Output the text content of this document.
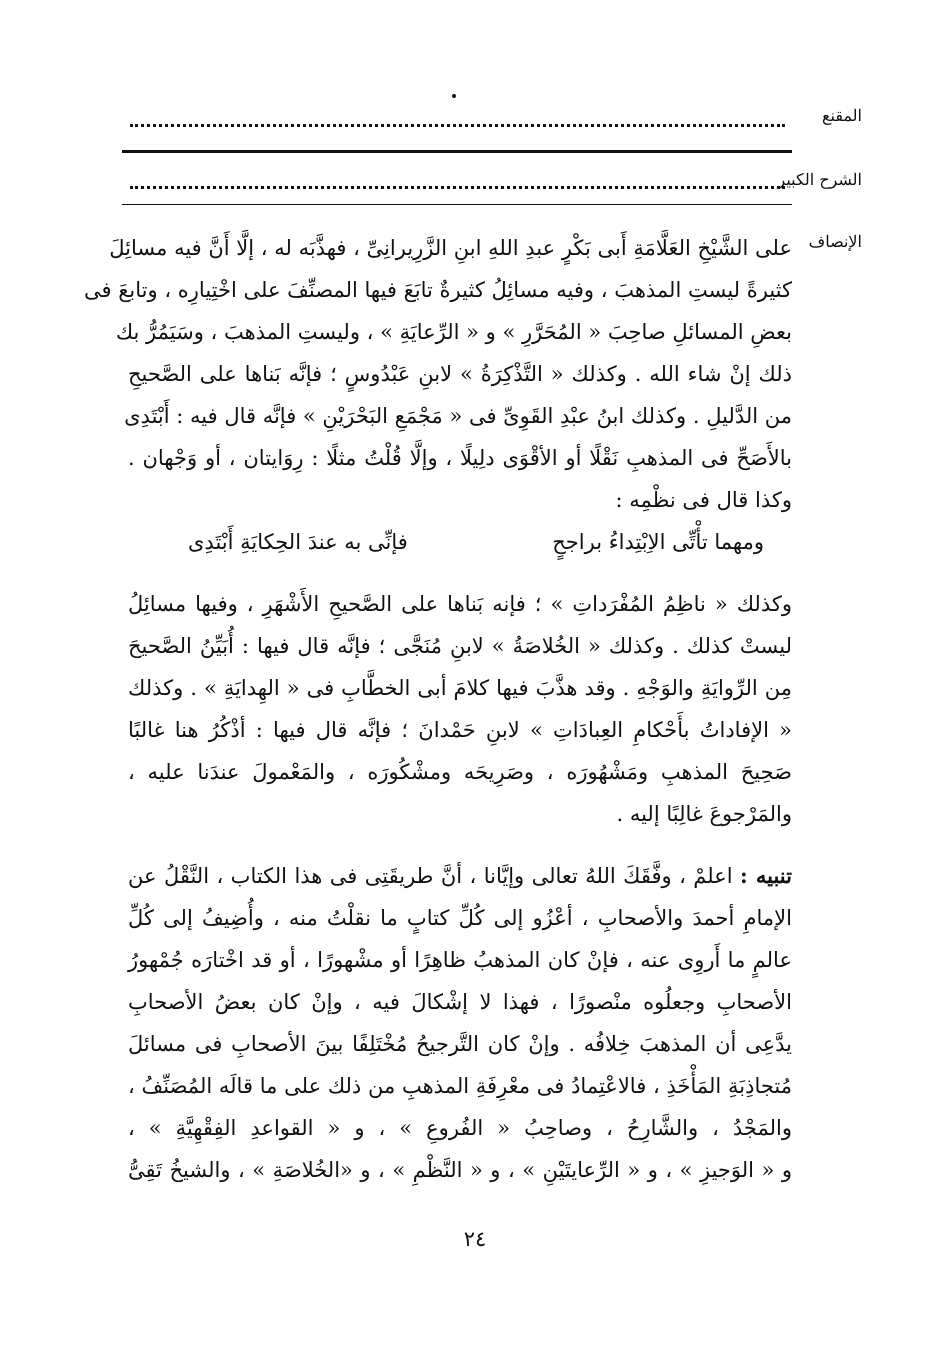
المقنع
الشرح الكبير
الإنصاف
على الشَّيْخِ العَلَّامَةِ أَبى بَكْرٍ عبدِ اللهِ ابنِ الزَّرِيرانِىِّ ، فهذَّبَه له ، إلَّا أَنَّ فيه مسائِلَ
كثيرةً ليستِ المذهبَ ، وفيه مسائِلُ كثيرةٌ تابَعَ فيها المصنِّفَ على اخْتِيارِه ، وتابعَ فى
بعضِ المسائلِ صاحِبَ « المُحَرَّرِ » و « الرِّعايَةِ » ، وليستِ المذهبَ ، وسَيَمُرُّ بك
ذلك إنْ شاء الله . وكذلك « التَّذْكِرَةُ » لابنِ عَبْدُوسٍ ؛ فإنَّه بَناها على الصَّحيحِ
من الدَّليلِ . وكذلك ابنُ عبْدِ القَوِىِّ فى « مَجْمَعِ البَحْرَيْنِ » فإنَّه قال فيه : أَبْتَدِى
بالأَصَحِّ فى المذهبِ نَقْلًا أو الأقْوَى دلِيلًا ، وإلَّا قُلْتُ مثلًا : رِوَايتان ، أو وَجْهان .
وكذا قال فى نظْمِه :
ومهما تأْتِّى الاِبْتِداءُ براجحٍ
فإنِّى به عندَ الحِكايَةِ أَبْتَدِى
وكذلك « ناظِمُ المُفْرَداتِ » ؛ فإنه بَناها على الصَّحيحِ الأَشْهَرِ ، وفيها مسائِلُ
ليستْ كذلك . وكذلك « الخُلاصَةُ » لابنِ مُنَجَّى ؛ فإنَّه قال فيها : أُبَيِّنُ الصَّحيحَ
مِن الرِّوايَةِ والوَجْهِ . وقد هذَّبَ فيها كلامَ أبى الخطَّابِ فى « الهِدايَةِ » . وكذلك
« الإفاداتُ بأَحْكامِ العِبادَاتِ » لابنِ حَمْدانَ ؛ فإنَّه قال فيها : أذْكُرُ هنا غالبًا
صَحِيحَ المذهبِ ومَشْهُورَه ، وصَرِيحَه ومشْكُورَه ، والمَعْمولَ عندَنا عليه ،
والمَرْجوعَ غالِبًا إليه .
تنبيه : اعلمْ ، وفَّقَكَ اللهُ تعالى وإيَّانا ، أنَّ طريقَتِى فى هذا الكتاب ، النَّقْلُ عن
الإمامِ أحمدَ والأصحابِ ، أعْزُو إلى كُلِّ كتابٍ ما نقلْتُ منه ، وأُضِيفُ إلى كُلِّ
عالمٍ ما أَروِى عنه ، فإنْ كان المذهبُ ظاهِرًا أو مشْهورًا ، أو قد اخْتارَه جُمْهورُ
الأصحابِ وجعلُوه منْصورًا ، فهذا لا إشْكالَ فيه ، وإنْ كان بعضُ الأصحابِ
يدَّعِى أن المذهبَ خِلافُه . وإنْ كان التَّرجيحُ مُخْتَلِفًا بينَ الأصحابِ فى مسائلَ
مُتجاذِبَةِ المَأْخَذِ ، فالاعْتِمادُ فى معْرِفَةِ المذهبِ من ذلك على ما قالَه المُصَنِّفُ ،
والمَجْدُ ، والشَّارِحُ ، وصاحِبُ « الفُروعِ » ، و « القواعدِ الفِقْهِيَّةِ » ،
و « الوَجيزِ » ، و « الرِّعايتَيْنِ » ، و « النَّظْمِ » ، و «الخُلاصَةِ » ، والشيخُ تَقِىُّ
٢٤
